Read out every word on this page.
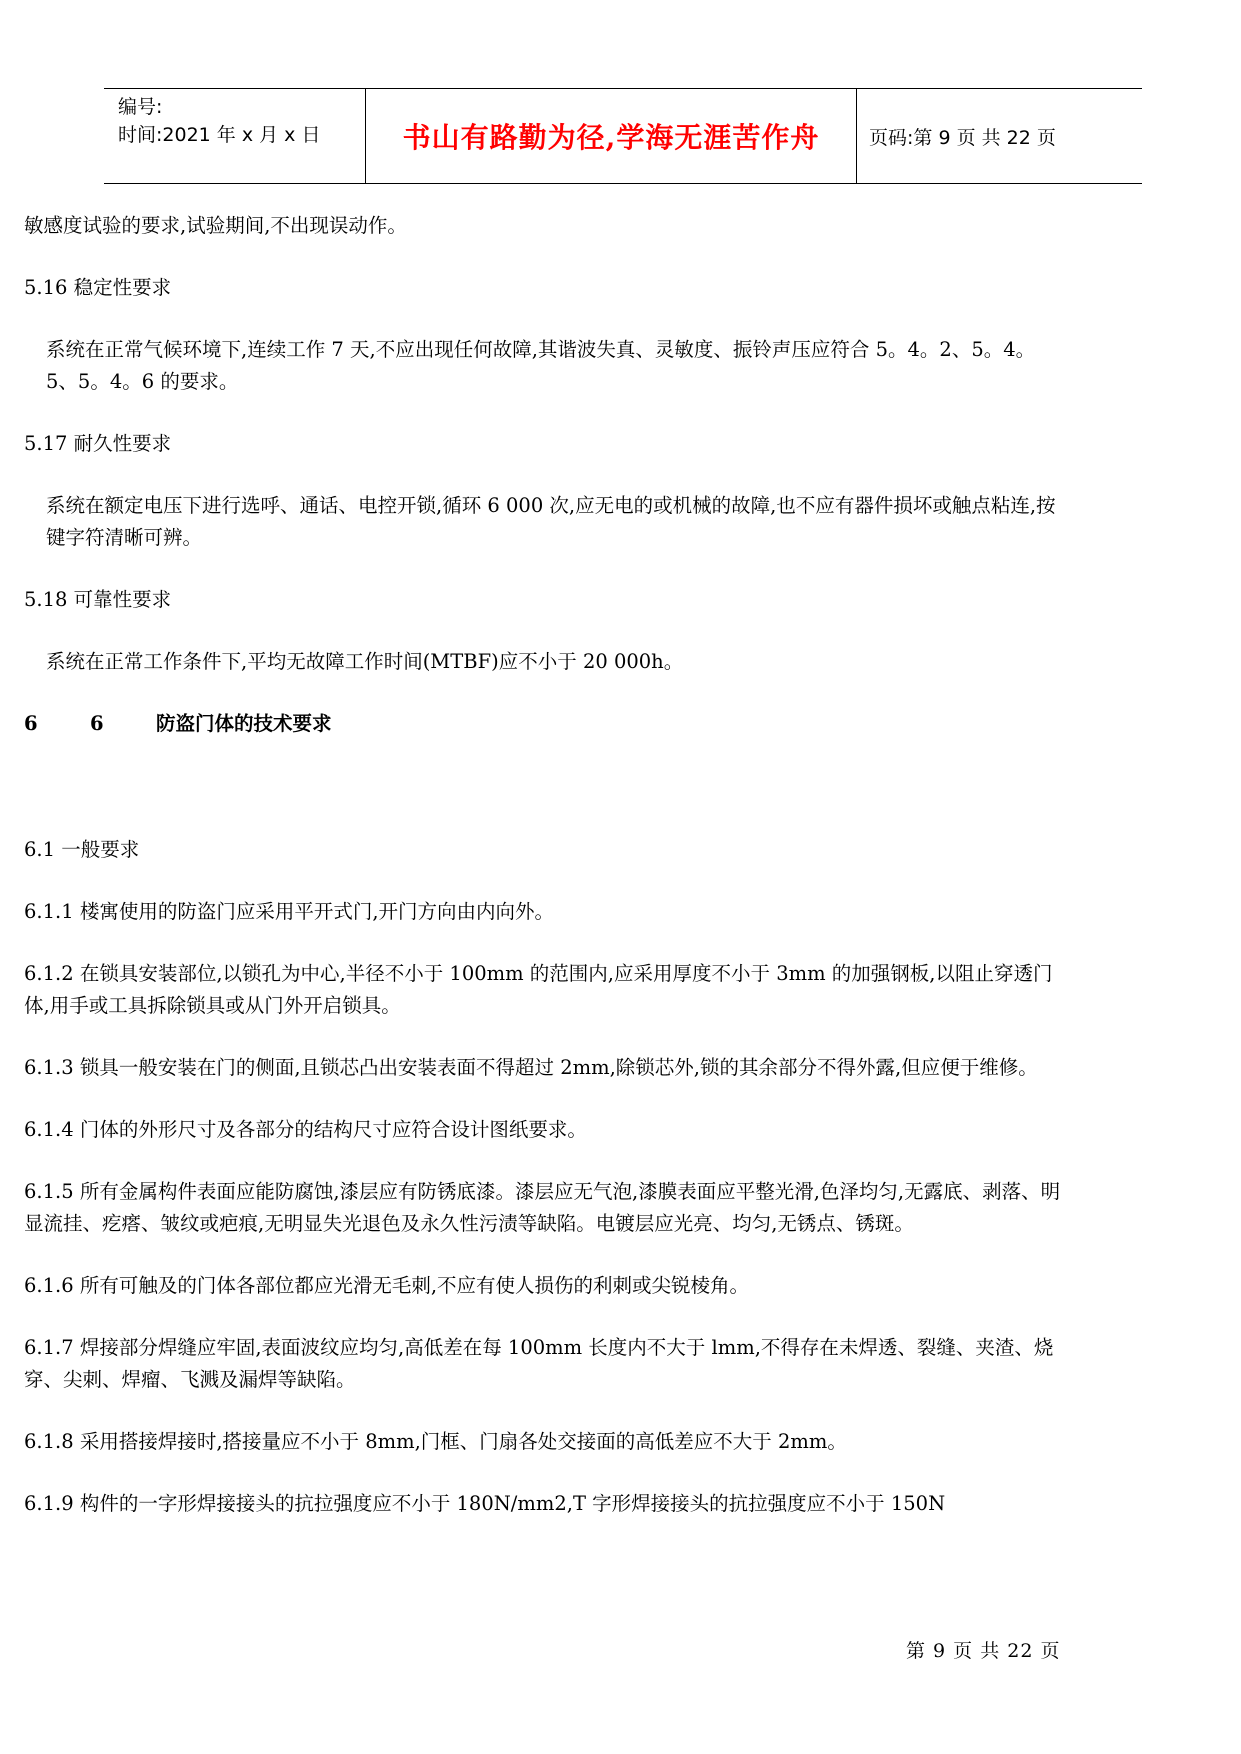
编号:
时间:2021 年 x 月 x 日	书山有路勤为径,学海无涯苦作舟	页码:第 9 页 共 22 页

敏感度试验的要求,试验期间,不出现误动作。

5.16 稳定性要求

系统在正常气候环境下,连续工作 7 天,不应出现任何故障,其谐波失真、灵敏度、振铃声压应符合 5。4。2、5。4。5、5。4。6 的要求。

5.17 耐久性要求

系统在额定电压下进行选呼、通话、电控开锁,循环 6 000 次,应无电的或机械的故障,也不应有器件损坏或触点粘连,按键字符清晰可辨。

5.18 可靠性要求

系统在正常工作条件下,平均无故障工作时间(MTBF)应不小于 20 000h。

6	6	防盗门体的技术要求

6.1 一般要求

6.1.1 楼寓使用的防盗门应采用平开式门,开门方向由内向外。

6.1.2 在锁具安装部位,以锁孔为中心,半径不小于 100mm 的范围内,应采用厚度不小于 3mm 的加强钢板,以阻止穿透门体,用手或工具拆除锁具或从门外开启锁具。

6.1.3 锁具一般安装在门的侧面,且锁芯凸出安装表面不得超过 2mm,除锁芯外,锁的其余部分不得外露,但应便于维修。

6.1.4 门体的外形尺寸及各部分的结构尺寸应符合设计图纸要求。

6.1.5 所有金属构件表面应能防腐蚀,漆层应有防锈底漆。漆层应无气泡,漆膜表面应平整光滑,色泽均匀,无露底、剥落、明显流挂、疙瘩、皱纹或疤痕,无明显失光退色及永久性污渍等缺陷。电镀层应光亮、均匀,无锈点、锈斑。

6.1.6 所有可触及的门体各部位都应光滑无毛刺,不应有使人损伤的利刺或尖锐棱角。

6.1.7 焊接部分焊缝应牢固,表面波纹应均匀,高低差在每 100mm 长度内不大于 lmm,不得存在未焊透、裂缝、夹渣、烧穿、尖刺、焊瘤、飞溅及漏焊等缺陷。

6.1.8 采用搭接焊接时,搭接量应不小于 8mm,门框、门扇各处交接面的高低差应不大于 2mm。

6.1.9 构件的一字形焊接接头的抗拉强度应不小于 180N/mm2,T 字形焊接接头的抗拉强度应不小于 150N

第 9 页 共 22 页
